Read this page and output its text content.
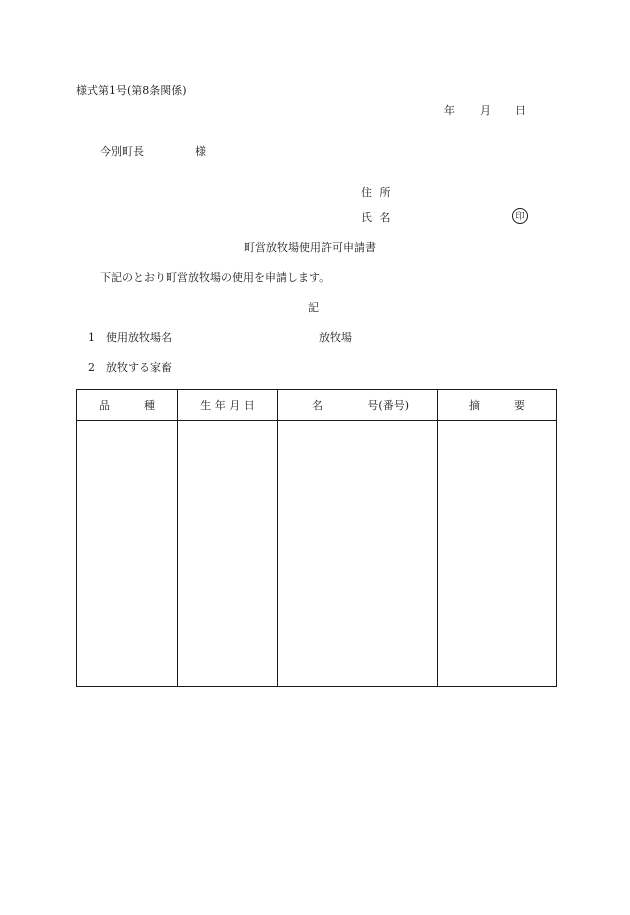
様式第1号(第8条関係)
年 月 日
今別町長	様
住 所
氏 名	印
町営放牧場使用許可申請書
下記のとおり町営放牧場の使用を申請します。
記
1 使用放牧場名	放牧場
2 放牧する家畜
品 種	生 年 月 日	名 号(番号)	摘 要
